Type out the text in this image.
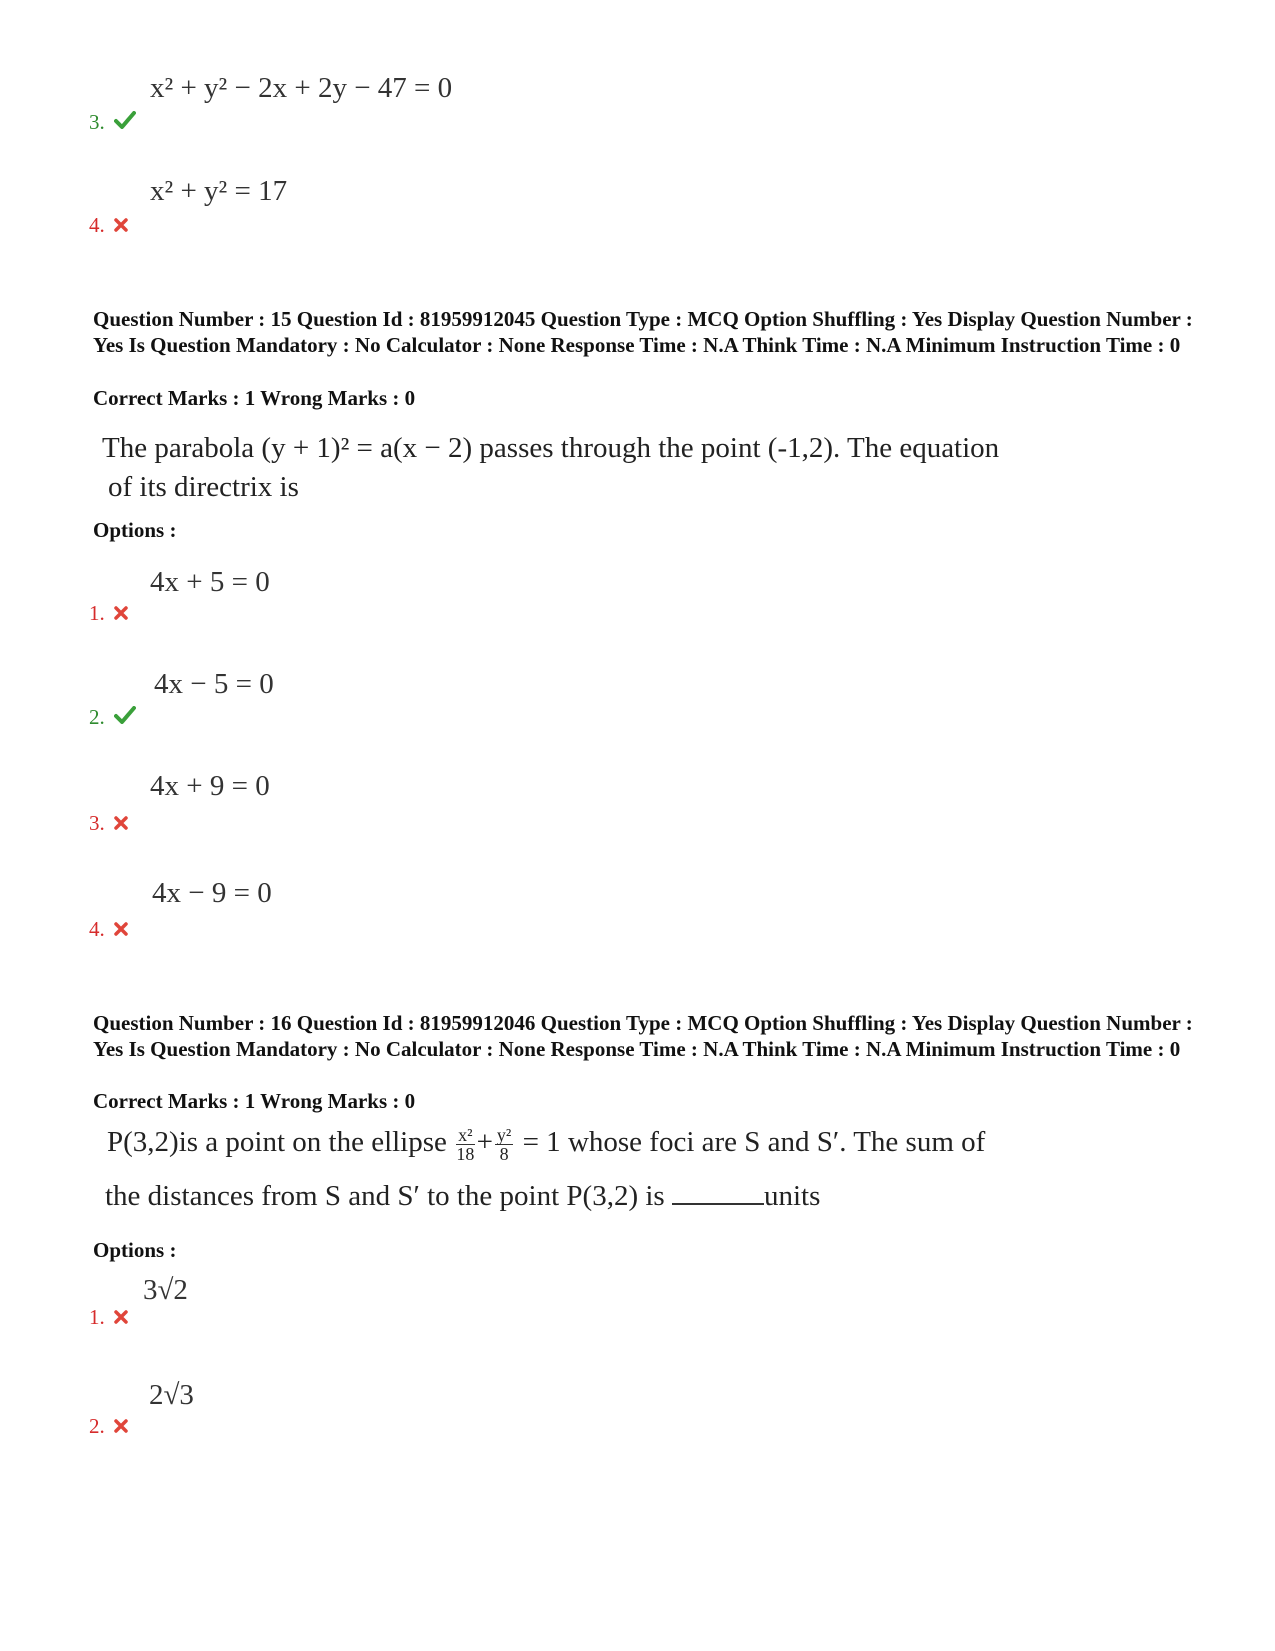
x² + y² − 2x + 2y − 47 = 0
3.
x² + y² = 17
4.
Question Number : 15 Question Id : 81959912045 Question Type : MCQ Option Shuffling : Yes Display Question Number : Yes Is Question Mandatory : No Calculator : None Response Time : N.A Think Time : N.A Minimum Instruction Time : 0
Correct Marks : 1 Wrong Marks : 0
The parabola (y + 1)² = a(x − 2) passes through the point (-1,2). The equation
of its directrix is
Options :
4x + 5 = 0
1.
4x − 5 = 0
2.
4x + 9 = 0
3.
4x − 9 = 0
4.
Question Number : 16 Question Id : 81959912046 Question Type : MCQ Option Shuffling : Yes Display Question Number : Yes Is Question Mandatory : No Calculator : None Response Time : N.A Think Time : N.A Minimum Instruction Time : 0
Correct Marks : 1 Wrong Marks : 0
P(3,2)is a point on the ellipse $\frac{\text{x²}}{18} + \frac{\text{y²}}{8} = 1$ whose foci are S and S′. The sum of
the distances from S and S′ to the point P(3,2) is	units
Options :
3√2
1.
2√3
2.
